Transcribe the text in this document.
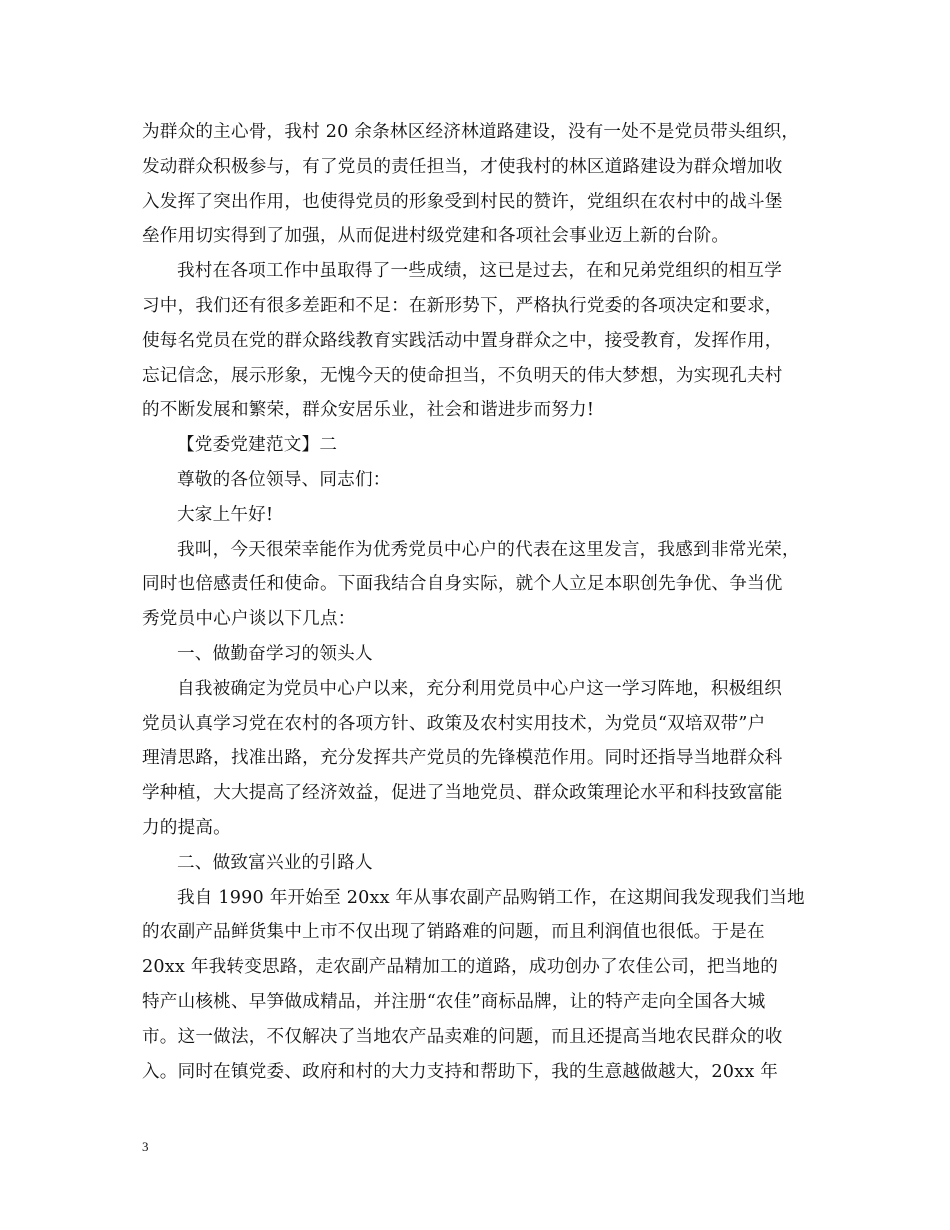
为群众的主心骨，我村 20 余条林区经济林道路建设，没有一处不是党员带头组织，
发动群众积极参与，有了党员的责任担当，才使我村的林区道路建设为群众增加收
入发挥了突出作用，也使得党员的形象受到村民的赞许，党组织在农村中的战斗堡
垒作用切实得到了加强，从而促进村级党建和各项社会事业迈上新的台阶。
我村在各项工作中虽取得了一些成绩，这已是过去，在和兄弟党组织的相互学
习中，我们还有很多差距和不足：在新形势下，严格执行党委的各项决定和要求，
使每名党员在党的群众路线教育实践活动中置身群众之中，接受教育，发挥作用，
忘记信念，展示形象，无愧今天的使命担当，不负明天的伟大梦想，为实现孔夫村
的不断发展和繁荣，群众安居乐业，社会和谐进步而努力!
【党委党建范文】二
尊敬的各位领导、同志们：
大家上午好!
我叫，今天很荣幸能作为优秀党员中心户的代表在这里发言，我感到非常光荣，
同时也倍感责任和使命。下面我结合自身实际，就个人立足本职创先争优、争当优
秀党员中心户谈以下几点：
一、做勤奋学习的领头人
自我被确定为党员中心户以来，充分利用党员中心户这一学习阵地，积极组织
党员认真学习党在农村的各项方针、政策及农村实用技术，为党员“双培双带”户
理清思路，找准出路，充分发挥共产党员的先锋模范作用。同时还指导当地群众科
学种植，大大提高了经济效益，促进了当地党员、群众政策理论水平和科技致富能
力的提高。
二、做致富兴业的引路人
我自 1990 年开始至 20xx 年从事农副产品购销工作，在这期间我发现我们当地
的农副产品鲜货集中上市不仅出现了销路难的问题，而且利润值也很低。于是在
20xx 年我转变思路，走农副产品精加工的道路，成功创办了农佳公司，把当地的
特产山核桃、早笋做成精品，并注册“农佳”商标品牌，让的特产走向全国各大城
市。这一做法，不仅解决了当地农产品卖难的问题，而且还提高当地农民群众的收
入。同时在镇党委、政府和村的大力支持和帮助下，我的生意越做越大，20xx 年
3
